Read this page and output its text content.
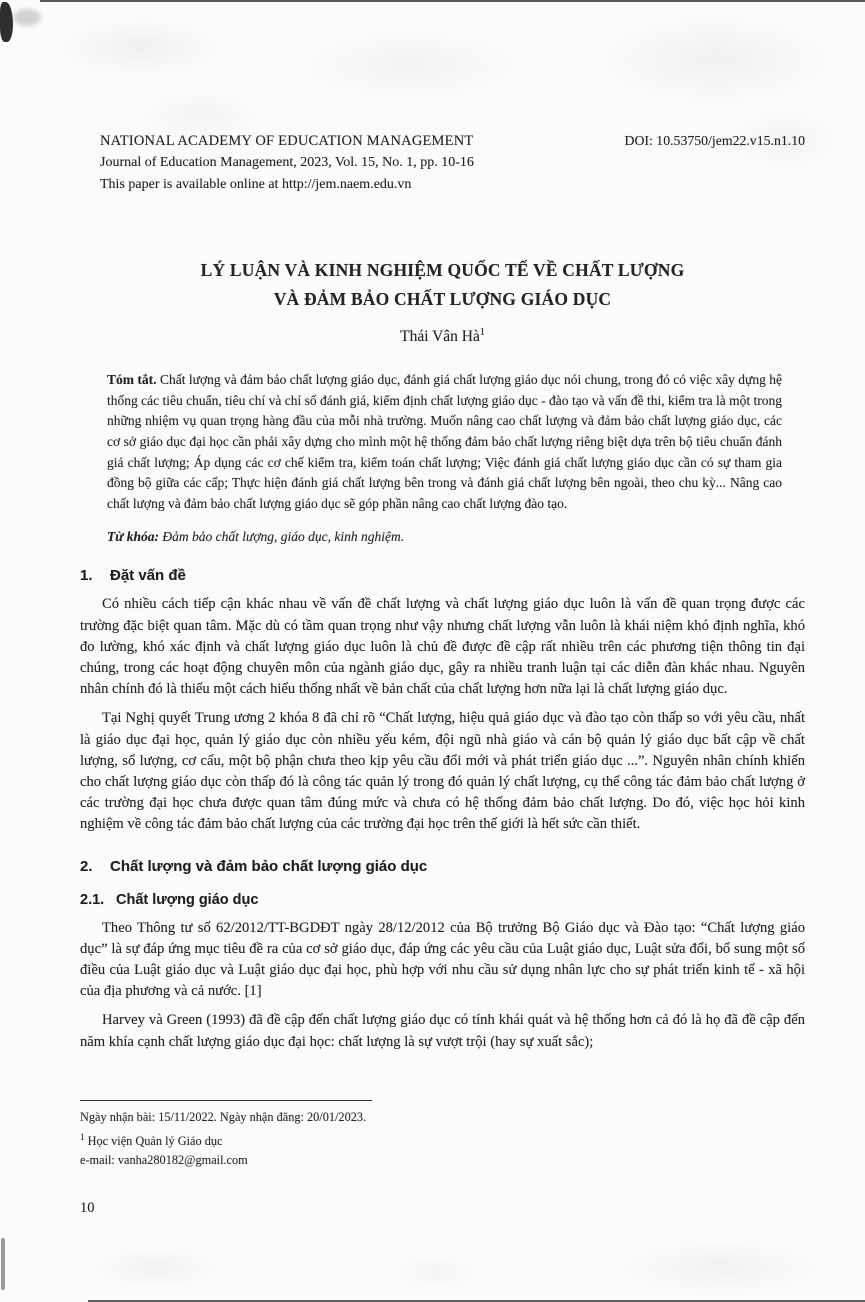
NATIONAL ACADEMY OF EDUCATION MANAGEMENT
Journal of Education Management, 2023, Vol. 15, No. 1, pp. 10-16
This paper is available online at http://jem.naem.edu.vn
DOI: 10.53750/jem22.v15.n1.10
LÝ LUẬN VÀ KINH NGHIỆM QUỐC TẾ VỀ CHẤT LƯỢNG
VÀ ĐẢM BẢO CHẤT LƯỢNG GIÁO DỤC
Thái Vân $Hà^1$
Tóm tắt. Chất lượng và đảm bảo chất lượng giáo dục, đánh giá chất lượng giáo dục nói chung, trong đó có việc xây dựng hệ thống các tiêu chuẩn, tiêu chí và chỉ số đánh giá, kiểm định chất lượng giáo dục - đào tạo và vấn đề thi, kiểm tra là một trong những nhiệm vụ quan trọng hàng đầu của mỗi nhà trường. Muốn nâng cao chất lượng và đảm bảo chất lượng giáo dục, các cơ sở giáo dục đại học cần phải xây dựng cho mình một hệ thống đảm bảo chất lượng riêng biệt dựa trên bộ tiêu chuẩn đánh giá chất lượng; Áp dụng các cơ chế kiểm tra, kiểm toán chất lượng; Việc đánh giá chất lượng giáo dục cần có sự tham gia đồng bộ giữa các cấp; Thực hiện đánh giá chất lượng bên trong và đánh giá chất lượng bên ngoài, theo chu kỳ... Nâng cao chất lượng và đảm bảo chất lượng giáo dục sẽ góp phần nâng cao chất lượng đào tạo.
Từ khóa: Đảm bảo chất lượng, giáo dục, kinh nghiệm.
1. Đặt vấn đề

Có nhiều cách tiếp cận khác nhau về vấn đề chất lượng và chất lượng giáo dục luôn là vấn đề quan trọng được các trường đặc biệt quan tâm. Mặc dù có tầm quan trọng như vậy nhưng chất lượng vẫn luôn là khái niệm khó định nghĩa, khó đo lường, khó xác định và chất lượng giáo dục luôn là chủ đề được đề cập rất nhiều trên các phương tiện thông tin đại chúng, trong các hoạt động chuyên môn của ngành giáo dục, gây ra nhiều tranh luận tại các diễn đàn khác nhau. Nguyên nhân chính đó là thiếu một cách hiểu thống nhất về bản chất của chất lượng hơn nữa lại là chất lượng giáo dục.

Tại Nghị quyết Trung ương 2 khóa 8 đã chỉ rõ “Chất lượng, hiệu quả giáo dục và đào tạo còn thấp so với yêu cầu, nhất là giáo dục đại học, quản lý giáo dục còn nhiều yếu kém, đội ngũ nhà giáo và cán bộ quản lý giáo dục bất cập về chất lượng, số lượng, cơ cấu, một bộ phận chưa theo kịp yêu cầu đổi mới và phát triển giáo dục ...”. Nguyên nhân chính khiến cho chất lượng giáo dục còn thấp đó là công tác quản lý trong đó quản lý chất lượng, cụ thể công tác đảm bảo chất lượng ở các trường đại học chưa được quan tâm đúng mức và chưa có hệ thống đảm bảo chất lượng. Do đó, việc học hỏi kinh nghiệm về công tác đảm bảo chất lượng của các trường đại học trên thế giới là hết sức cần thiết.

2. Chất lượng và đảm bảo chất lượng giáo dục
2.1. Chất lượng giáo dục

Theo Thông tư số 62/2012/TT-BGDĐT ngày 28/12/2012 của Bộ trưởng Bộ Giáo dục và Đào tạo: “Chất lượng giáo dục” là sự đáp ứng mục tiêu đề ra của cơ sở giáo dục, đáp ứng các yêu cầu của Luật giáo dục, Luật sửa đổi, bổ sung một số điều của Luật giáo dục và Luật giáo dục đại học, phù hợp với nhu cầu sử dụng nhân lực cho sự phát triển kinh tế - xã hội của địa phương và cả nước. [1]

Harvey và Green (1993) đã đề cập đến chất lượng giáo dục có tính khái quát và hệ thống hơn cả đó là họ đã đề cập đến năm khía cạnh chất lượng giáo dục đại học: chất lượng là sự vượt trội (hay sự xuất sắc);

Ngày nhận bài: 15/11/2022. Ngày nhận đăng: 20/01/2023.
$^1$ Học viện Quản lý Giáo dục
e-mail: vanha280182@gmail.com
10
